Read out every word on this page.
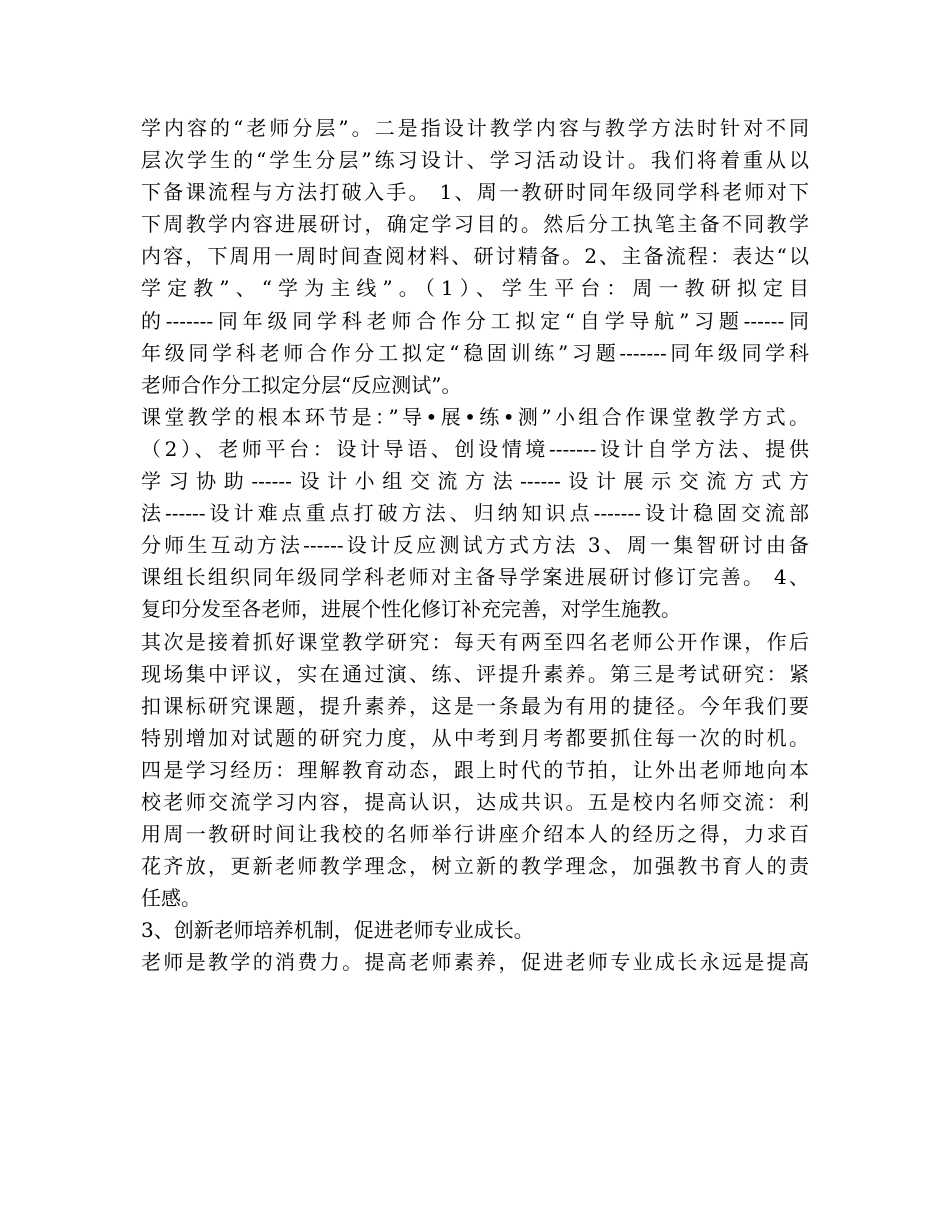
学内容的“老师分层”。二是指设计教学内容与教学方法时针对不同
层次学生的“学生分层”练习设计、学习活动设计。我们将着重从以
下备课流程与方法打破入手。 1、周一教研时同年级同学科老师对下
下周教学内容进展研讨，确定学习目的。然后分工执笔主备不同教学
内容，下周用一周时间查阅材料、研讨精备。2、主备流程：表达“以
学定教”、“学为主线”。（1）、学生平台：周一教研拟定目
的-------同年级同学科老师合作分工拟定“自学导航”习题------同
年级同学科老师合作分工拟定“稳固训练”习题-------同年级同学科
老师合作分工拟定分层“反应测试”。
课堂教学的根本环节是：”导•展•练•测”小组合作课堂教学方式。
（2）、老师平台：设计导语、创设情境-------设计自学方法、提供
学习协助------设计小组交流方法------设计展示交流方式方
法------设计难点重点打破方法、归纳知识点-------设计稳固交流部
分师生互动方法------设计反应测试方式方法 3、周一集智研讨由备
课组长组织同年级同学科老师对主备导学案进展研讨修订完善。 4、
复印分发至各老师，进展个性化修订补充完善，对学生施教。
其次是接着抓好课堂教学研究：每天有两至四名老师公开作课，作后
现场集中评议，实在通过演、练、评提升素养。第三是考试研究：紧
扣课标研究课题，提升素养，这是一条最为有用的捷径。今年我们要
特别增加对试题的研究力度，从中考到月考都要抓住每一次的时机。
四是学习经历：理解教育动态，跟上时代的节拍，让外出老师地向本
校老师交流学习内容，提高认识，达成共识。五是校内名师交流：利
用周一教研时间让我校的名师举行讲座介绍本人的经历之得，力求百
花齐放，更新老师教学理念，树立新的教学理念，加强教书育人的责
任感。
3、创新老师培养机制，促进老师专业成长。
老师是教学的消费力。提高老师素养，促进老师专业成长永远是提高
